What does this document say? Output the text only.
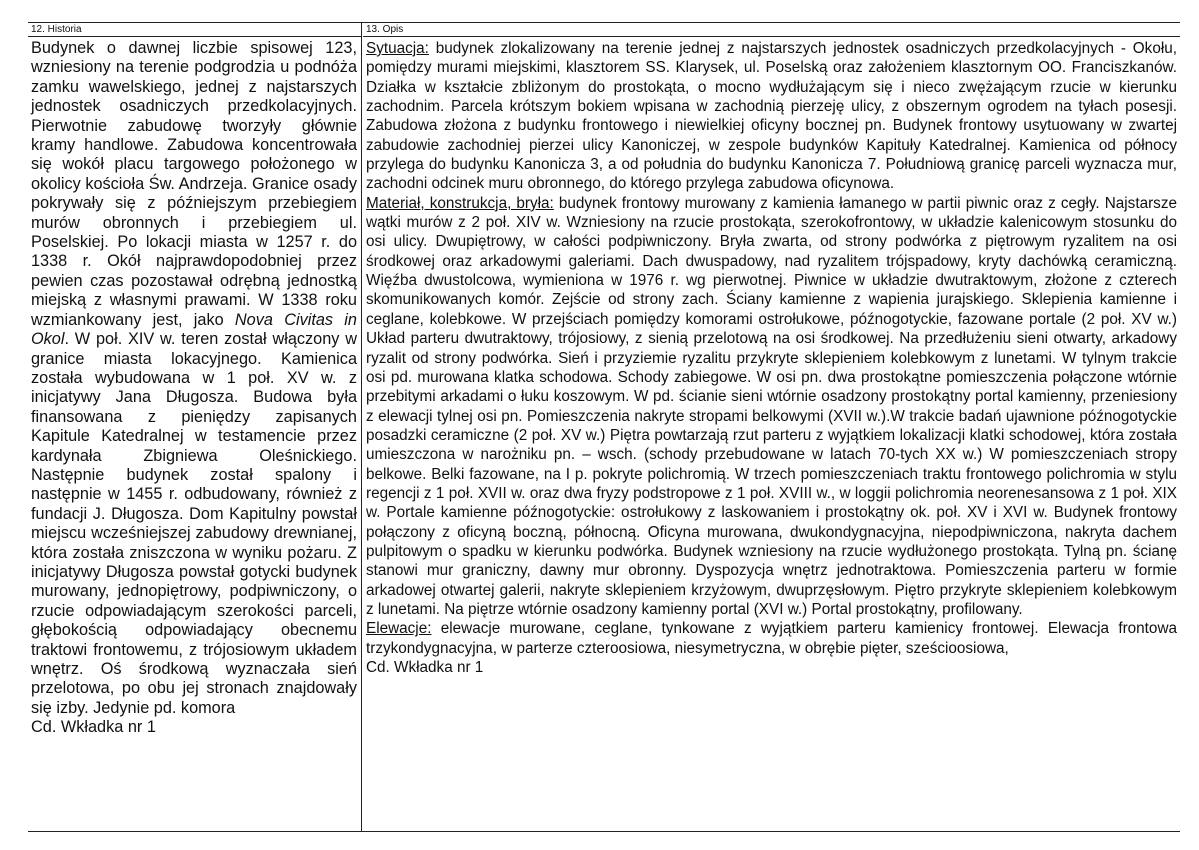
12. Historia

Budynek o dawnej liczbie spisowej 123, wzniesiony na terenie podgrodzia u podnóża zamku wawelskiego, jednej z najstarszych jednostek osadniczych przedkolacyjnych. Pierwotnie zabudowę tworzyły głównie kramy handlowe. Zabudowa koncentrowała się wokół placu targowego położonego w okolicy kościoła Św. Andrzeja. Granice osady pokrywały się z późniejszym przebiegiem murów obronnych i przebiegiem ul. Poselskiej. Po lokacji miasta w 1257 r. do 1338 r. Okół najprawdopodobniej przez pewien czas pozostawał odrębną jednostką miejską z własnymi prawami. W 1338 roku wzmiankowany jest, jako Nova Civitas in Okol. W poł. XIV w. teren został włączony w granice miasta lokacyjnego. Kamienica została wybudowana w 1 poł. XV w. z inicjatywy Jana Długosza. Budowa była finansowana z pieniędzy zapisanych Kapitule Katedralnej w testamencie przez kardynała Zbigniewa Oleśnickiego. Następnie budynek został spalony i następnie w 1455 r. odbudowany, również z fundacji J. Długosza. Dom Kapitulny powstał miejscu wcześniejszej zabudowy drewnianej, która została zniszczona w wyniku pożaru. Z inicjatywy Długosza powstał gotycki budynek murowany, jednopiętrowy, podpiwniczony, o rzucie odpowiadającym szerokości parceli, głębokością odpowiadający obecnemu traktowi frontowemu, z trójosiowym układem wnętrz. Oś środkową wyznaczała sień przelotowa, po obu jej stronach znajdowały się izby. Jedynie pd. komora

Cd. Wkładka nr 1
13. Opis

Sytuacja: budynek zlokalizowany na terenie jednej z najstarszych jednostek osadniczych przedkolacyjnych - Okołu, pomiędzy murami miejskimi, klasztorem SS. Klarysek, ul. Poselską oraz założeniem klasztornym OO. Franciszkanów. Działka w kształcie zbliżonym do prostokąta, o mocno wydłużającym się i nieco zwężającym rzucie w kierunku zachodnim. Parcela krótszym bokiem wpisana w zachodnią pierzeję ulicy, z obszernym ogrodem na tyłach posesji. Zabudowa złożona z budynku frontowego i niewielkiej oficyny bocznej pn. Budynek frontowy usytuowany w zwartej zabudowie zachodniej pierzei ulicy Kanoniczej, w zespole budynków Kapituły Katedralnej. Kamienica od północy przylega do budynku Kanonicza 3, a od południa do budynku Kanonicza 7. Południową granicę parceli wyznacza mur, zachodni odcinek muru obronnego, do którego przylega zabudowa oficynowa.

Materiał, konstrukcja, bryła: budynek frontowy murowany z kamienia łamanego w partii piwnic oraz z cegły. Najstarsze wątki murów z 2 poł. XIV w. Wzniesiony na rzucie prostokąta, szerokofrontowy, w układzie kalenicowym stosunku do osi ulicy. Dwupiętrowy, w całości podpiwniczony. Bryła zwarta, od strony podwórka z piętrowym ryzalitem na osi środkowej oraz arkadowymi galeriami. Dach dwuspadowy, nad ryzalitem trójspadowy, kryty dachówką ceramiczną. Więźba dwustolcowa, wymieniona w 1976 r. wg pierwotnej. Piwnice w układzie dwutraktowym, złożone z czterech skomunikowanych komór. Zejście od strony zach. Ściany kamienne z wapienia jurajskiego. Sklepienia kamienne i ceglane, kolebkowe. W przejściach pomiędzy komorami ostrołukowe, późnogotyckie, fazowane portale (2 poł. XV w.) Układ parteru dwutraktowy, trójosiowy, z sienią przelotową na osi środkowej. Na przedłużeniu sieni otwarty, arkadowy ryzalit od strony podwórka. Sień i przyziemie ryzalitu przykryte sklepieniem kolebkowym z lunetami. W tylnym trakcie osi pd. murowana klatka schodowa. Schody zabiegowe. W osi pn. dwa prostokątne pomieszczenia połączone wtórnie przebitymi arkadami o łuku koszowym. W pd. ścianie sieni wtórnie osadzony prostokątny portal kamienny, przeniesiony z elewacji tylnej osi pn. Pomieszczenia nakryte stropami belkowymi (XVII w.).W trakcie badań ujawnione późnogotyckie posadzki ceramiczne (2 poł. XV w.) Piętra powtarzają rzut parteru z wyjątkiem lokalizacji klatki schodowej, która została umieszczona w narożniku pn. – wsch. (schody przebudowane w latach 70-tych XX w.) W pomieszczeniach stropy belkowe. Belki fazowane, na I p. pokryte polichromią. W trzech pomieszczeniach traktu frontowego polichromia w stylu regencji z 1 poł. XVII w. oraz dwa fryzy podstropowe z 1 poł. XVIII w., w loggii polichromia neorenesansowa z 1 poł. XIX w. Portale kamienne późnogotyckie: ostrołukowy z laskowaniem i prostokątny ok. poł. XV i XVI w. Budynek frontowy połączony z oficyną boczną, północną. Oficyna murowana, dwukondygnacyjna, niepodpiwniczona, nakryta dachem pulpitowym o spadku w kierunku podwórka. Budynek wzniesiony na rzucie wydłużonego prostokąta. Tylną pn. ścianę stanowi mur graniczny, dawny mur obronny. Dyspozycja wnętrz jednotraktowa. Pomieszczenia parteru w formie arkadowej otwartej galerii, nakryte sklepieniem krzyżowym, dwuprzęsłowym. Piętro przykryte sklepieniem kolebkowym z lunetami. Na piętrze wtórnie osadzony kamienny portal (XVI w.) Portal prostokątny, profilowany.

Elewacje: elewacje murowane, ceglane, tynkowane z wyjątkiem parteru kamienicy frontowej. Elewacja frontowa trzykondygnacyjna, w parterze czteroosiowa, niesymetryczna, w obrębie pięter, sześcioosiowa,

Cd. Wkładka nr 1
